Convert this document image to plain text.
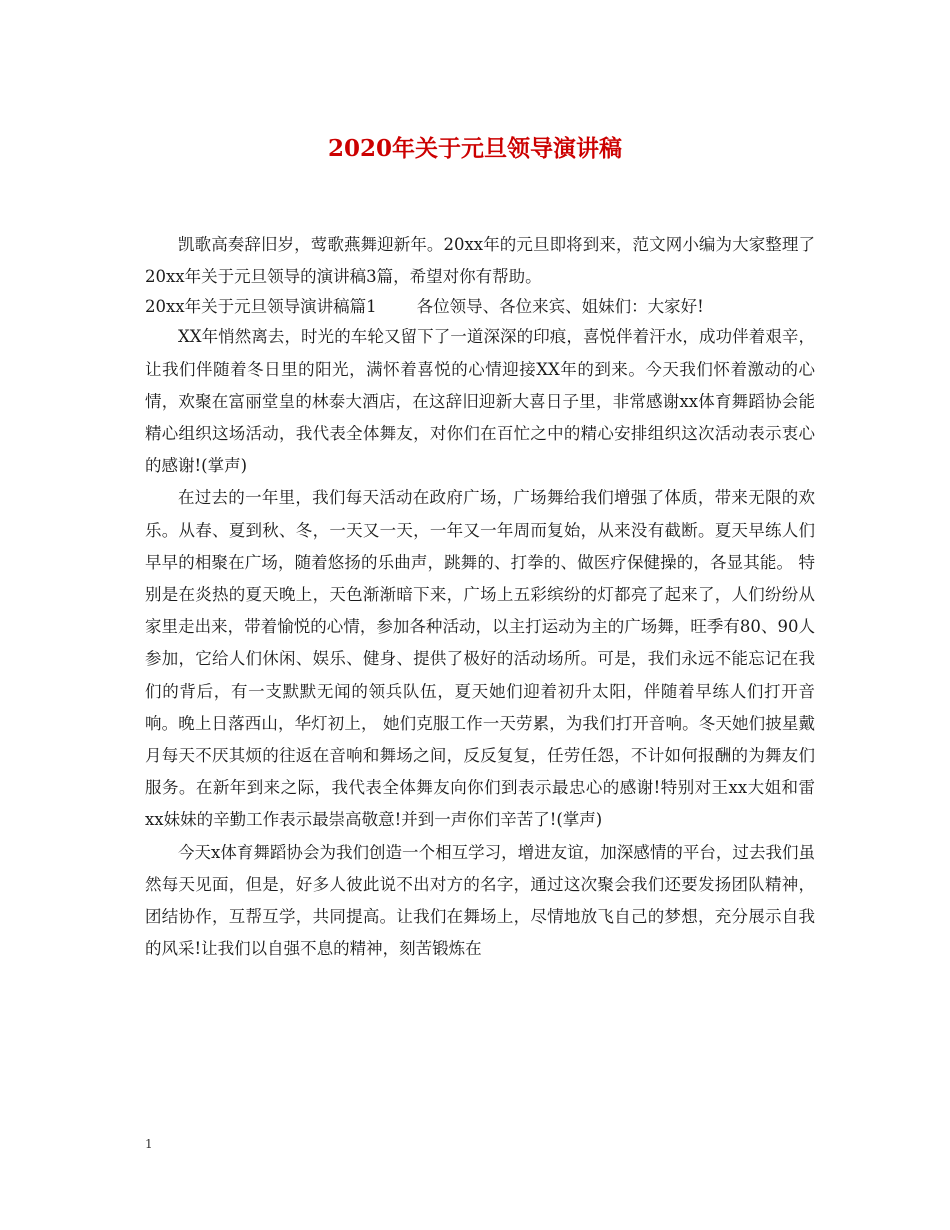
2020年关于元旦领导演讲稿

凯歌高奏辞旧岁，莺歌燕舞迎新年。20xx年的元旦即将到来，范文网小编为大家整理了20xx年关于元旦领导的演讲稿3篇，希望对你有帮助。

20xx年关于元旦领导演讲稿篇1 各位领导、各位来宾、姐妹们：大家好!

XX年悄然离去，时光的车轮又留下了一道深深的印痕，喜悦伴着汗水，成功伴着艰辛，让我们伴随着冬日里的阳光，满怀着喜悦的心情迎接XX年的到来。今天我们怀着激动的心情，欢聚在富丽堂皇的林泰大酒店，在这辞旧迎新大喜日子里，非常感谢xx体育舞蹈协会能精心组织这场活动，我代表全体舞友，对你们在百忙之中的精心安排组织这次活动表示衷心的感谢!(掌声)

在过去的一年里，我们每天活动在政府广场，广场舞给我们增强了体质，带来无限的欢乐。从春、夏到秋、冬，一天又一天，一年又一年周而复始，从来没有截断。夏天早练人们早早的相聚在广场，随着悠扬的乐曲声，跳舞的、打拳的、做医疗保健操的，各显其能。 特别是在炎热的夏天晚上，天色渐渐暗下来，广场上五彩缤纷的灯都亮了起来了，人们纷纷从家里走出来，带着愉悦的心情，参加各种活动，以主打运动为主的广场舞，旺季有80、90人参加，它给人们休闲、娱乐、健身、提供了极好的活动场所。可是，我们永远不能忘记在我们的背后，有一支默默无闻的领兵队伍，夏天她们迎着初升太阳，伴随着早练人们打开音响。晚上日落西山，华灯初上， 她们克服工作一天劳累，为我们打开音响。冬天她们披星戴月每天不厌其烦的往返在音响和舞场之间，反反复复，任劳任怨，不计如何报酬的为舞友们服务。在新年到来之际，我代表全体舞友向你们到表示最忠心的感谢!特别对王xx大姐和雷xx妹妹的辛勤工作表示最崇高敬意!并到一声你们辛苦了!(掌声)

今天x体育舞蹈协会为我们创造一个相互学习，增进友谊，加深感情的平台，过去我们虽然每天见面，但是，好多人彼此说不出对方的名字，通过这次聚会我们还要发扬团队精神，团结协作，互帮互学，共同提高。让我们在舞场上，尽情地放飞自己的梦想，充分展示自我的风采!让我们以自强不息的精神，刻苦锻炼在

1
